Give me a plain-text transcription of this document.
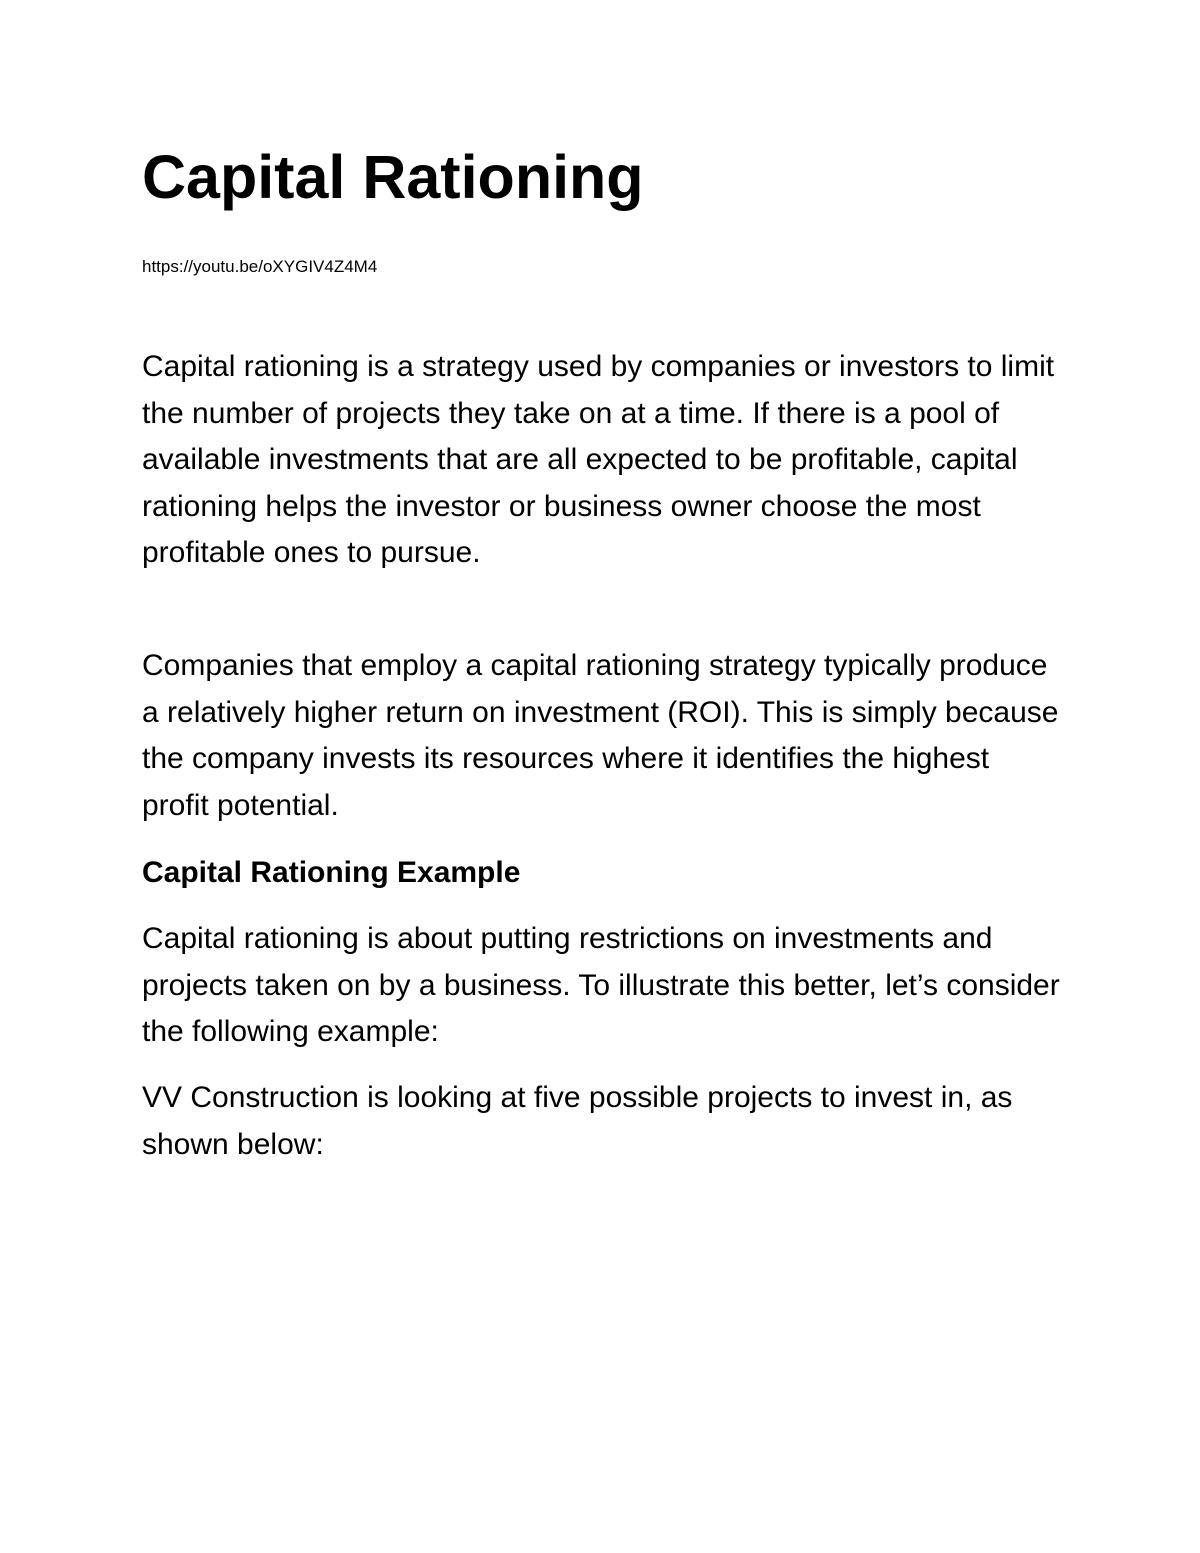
Capital Rationing
https://youtu.be/oXYGIV4Z4M4

Capital rationing is a strategy used by companies or investors to limit the number of projects they take on at a time. If there is a pool of available investments that are all expected to be profitable, capital rationing helps the investor or business owner choose the most profitable ones to pursue.

Companies that employ a capital rationing strategy typically produce a relatively higher return on investment (ROI). This is simply because the company invests its resources where it identifies the highest profit potential.

Capital Rationing Example

Capital rationing is about putting restrictions on investments and projects taken on by a business. To illustrate this better, let’s consider the following example:

VV Construction is looking at five possible projects to invest in, as shown below:
